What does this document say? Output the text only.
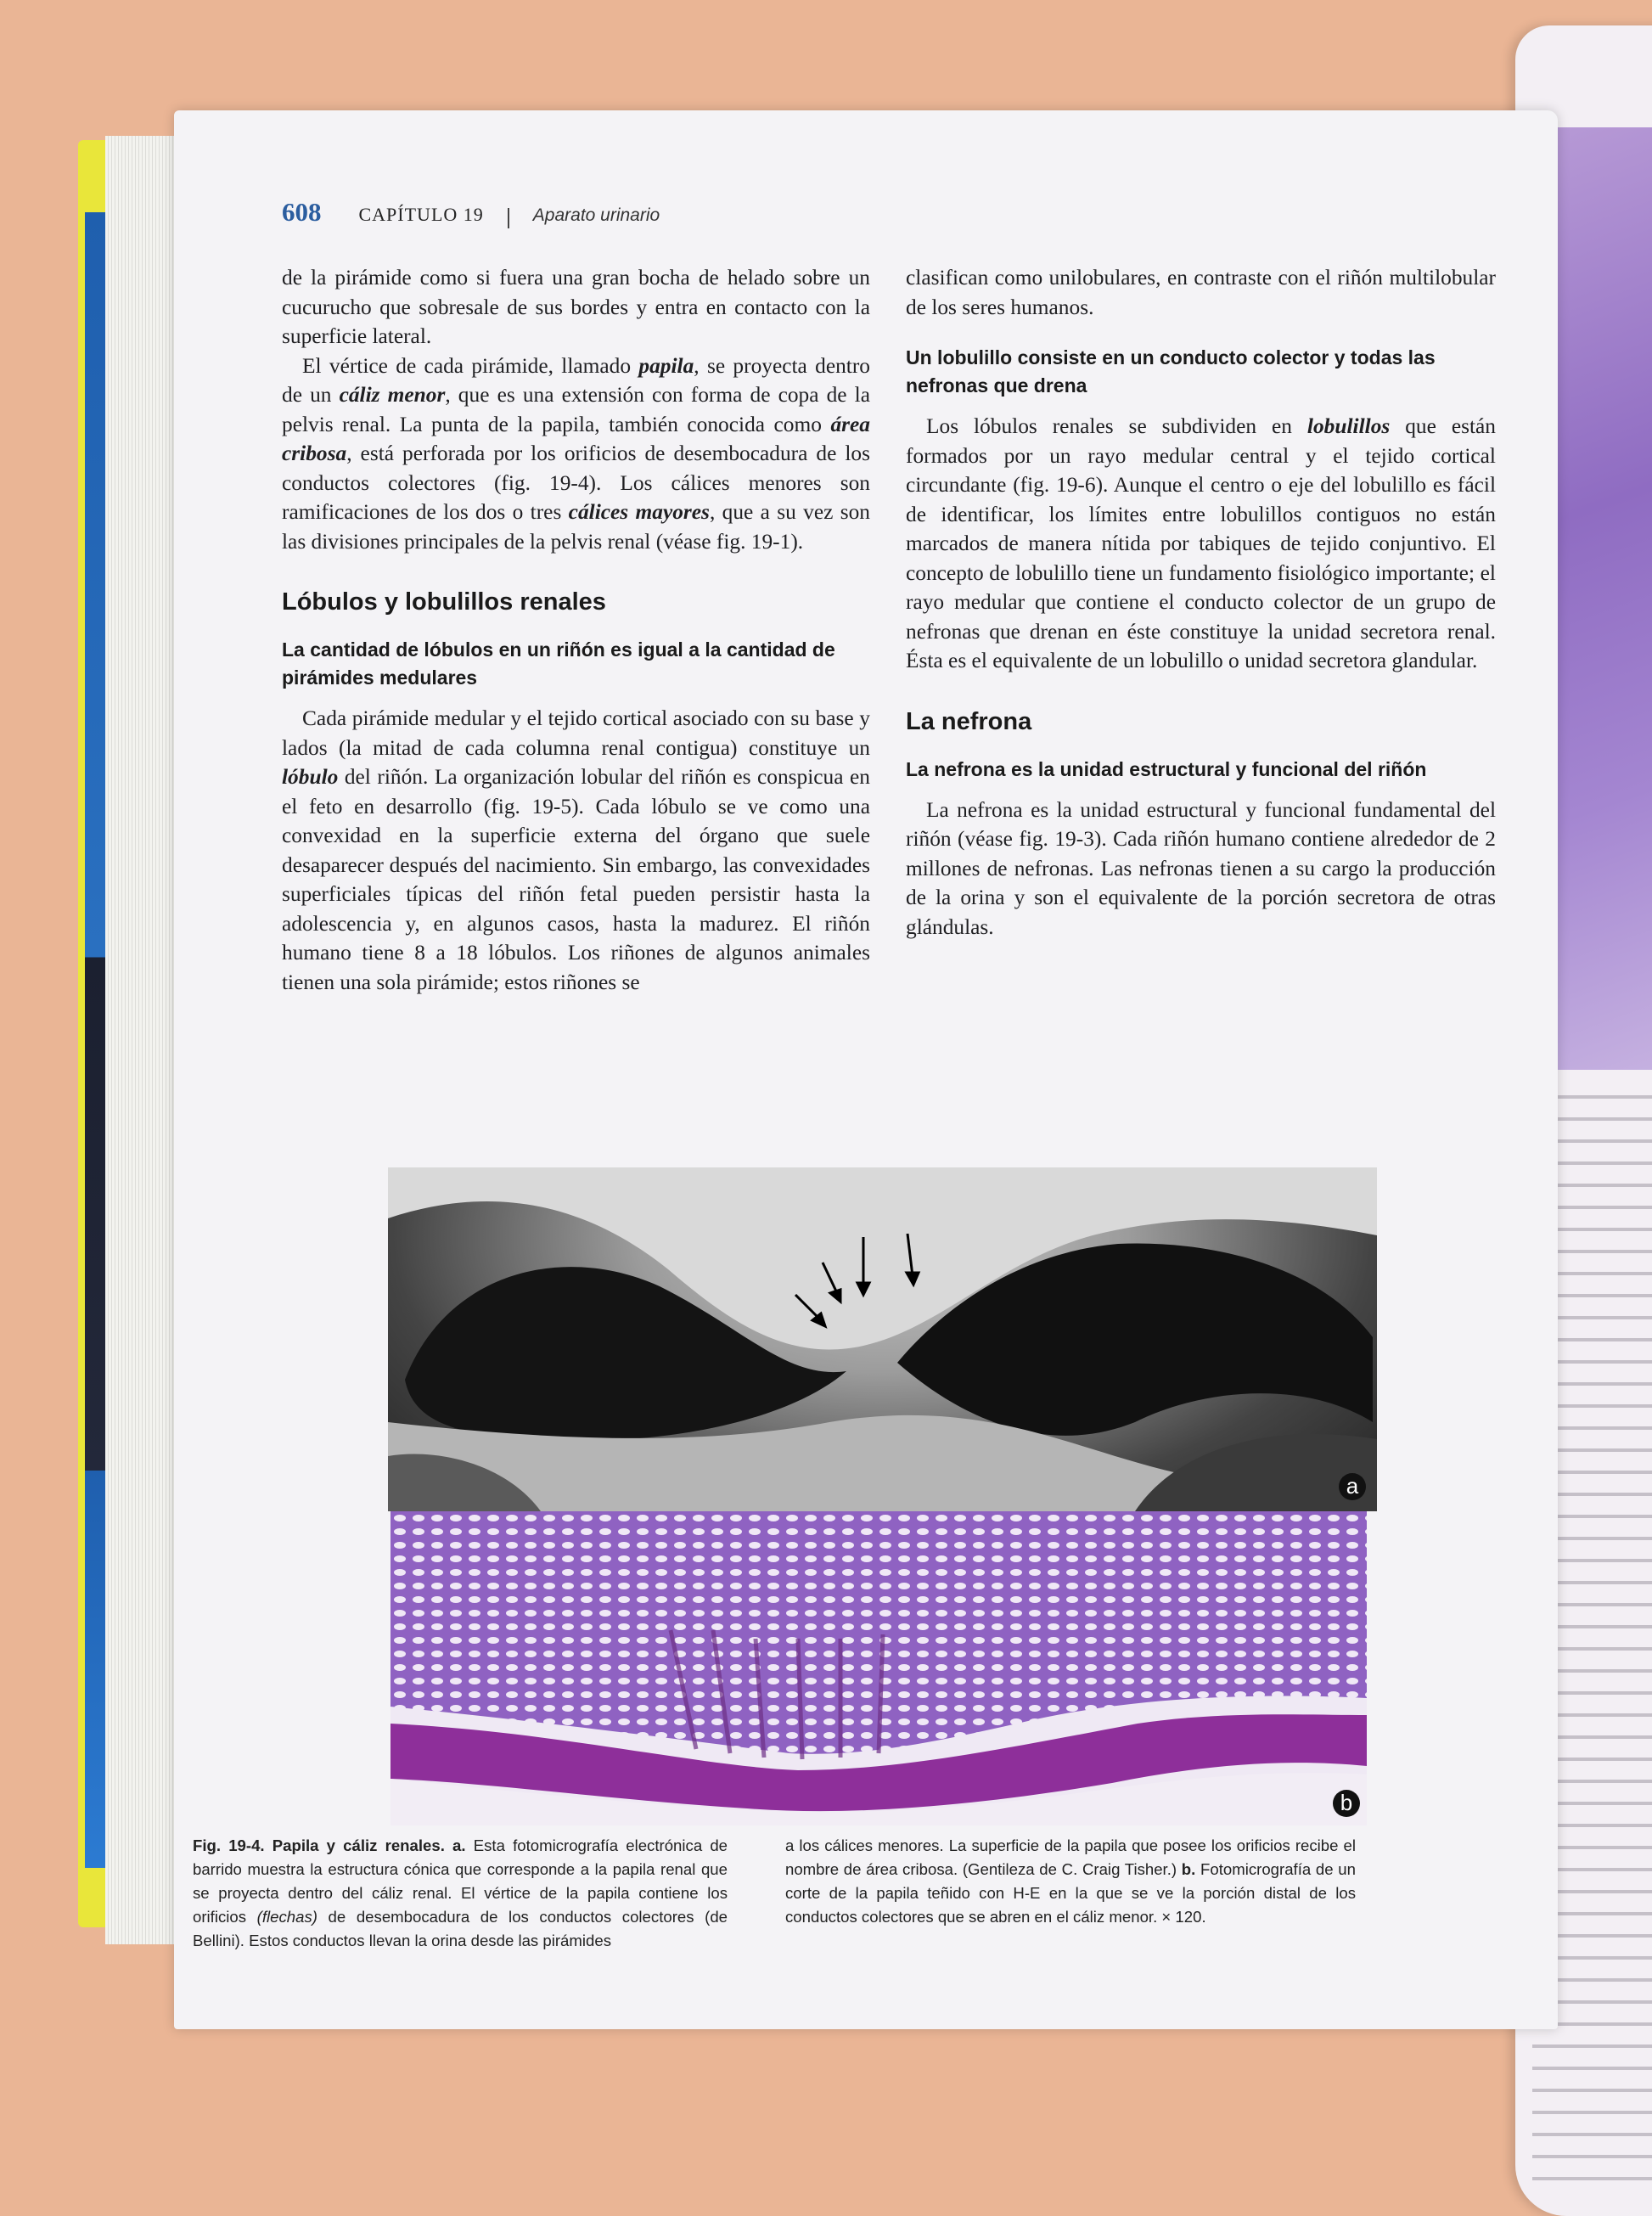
608 CAPÍTULO 19	Aparato urinario

de la pirámide como si fuera una gran bocha de helado sobre un cucurucho que sobresale de sus bordes y entra en contacto con la superficie lateral.

El vértice de cada pirámide, llamado papila, se proyecta dentro de un cáliz menor, que es una extensión con forma de copa de la pelvis renal. La punta de la papila, también conocida como área cribosa, está perforada por los orificios de desembocadura de los conductos colectores (fig. 19-4). Los cálices menores son ramificaciones de los dos o tres cálices mayores, que a su vez son las divisiones principales de la pelvis renal (véase fig. 19-1).

Lóbulos y lobulillos renales
La cantidad de lóbulos en un riñón es igual a la cantidad de pirámides medulares

Cada pirámide medular y el tejido cortical asociado con su base y lados (la mitad de cada columna renal contigua) constituye un lóbulo del riñón. La organización lobular del riñón es conspicua en el feto en desarrollo (fig. 19-5). Cada lóbulo se ve como una convexidad en la superficie externa del órgano que suele desaparecer después del nacimiento. Sin embargo, las convexidades superficiales típicas del riñón fetal pueden persistir hasta la adolescencia y, en algunos casos, hasta la madurez. El riñón humano tiene 8 a 18 lóbulos. Los riñones de algunos animales tienen una sola pirámide; estos riñones se

clasifican como unilobulares, en contraste con el riñón multilobular de los seres humanos.

Un lobulillo consiste en un conducto colector y todas las nefronas que drena

Los lóbulos renales se subdividen en lobulillos que están formados por un rayo medular central y el tejido cortical circundante (fig. 19-6). Aunque el centro o eje del lobulillo es fácil de identificar, los límites entre lobulillos contiguos no están marcados de manera nítida por tabiques de tejido conjuntivo. El concepto de lobulillo tiene un fundamento fisiológico importante; el rayo medular que contiene el conducto colector de un grupo de nefronas que drenan en éste constituye la unidad secretora renal. Ésta es el equivalente de un lobulillo o unidad secretora glandular.

La nefrona
La nefrona es la unidad estructural y funcional del riñón

La nefrona es la unidad estructural y funcional fundamental del riñón (véase fig. 19-3). Cada riñón humano contiene alrededor de 2 millones de nefronas. Las nefronas tienen a su cargo la producción de la orina y son el equivalente de la porción secretora de otras glándulas.

a
b

Fig. 19-4. Papila y cáliz renales. a. Esta fotomicrografía electrónica de barrido muestra la estructura cónica que corresponde a la papila renal que se proyecta dentro del cáliz renal. El vértice de la papila contiene los orificios (flechas) de desembocadura de los conductos colectores (de Bellini). Estos conductos llevan la orina desde las pirámides

a los cálices menores. La superficie de la papila que posee los orificios recibe el nombre de área cribosa. (Gentileza de C. Craig Tisher.) b. Fotomicrografía de un corte de la papila teñido con H-E en la que se ve la porción distal de los conductos colectores que se abren en el cáliz menor. × 120.
